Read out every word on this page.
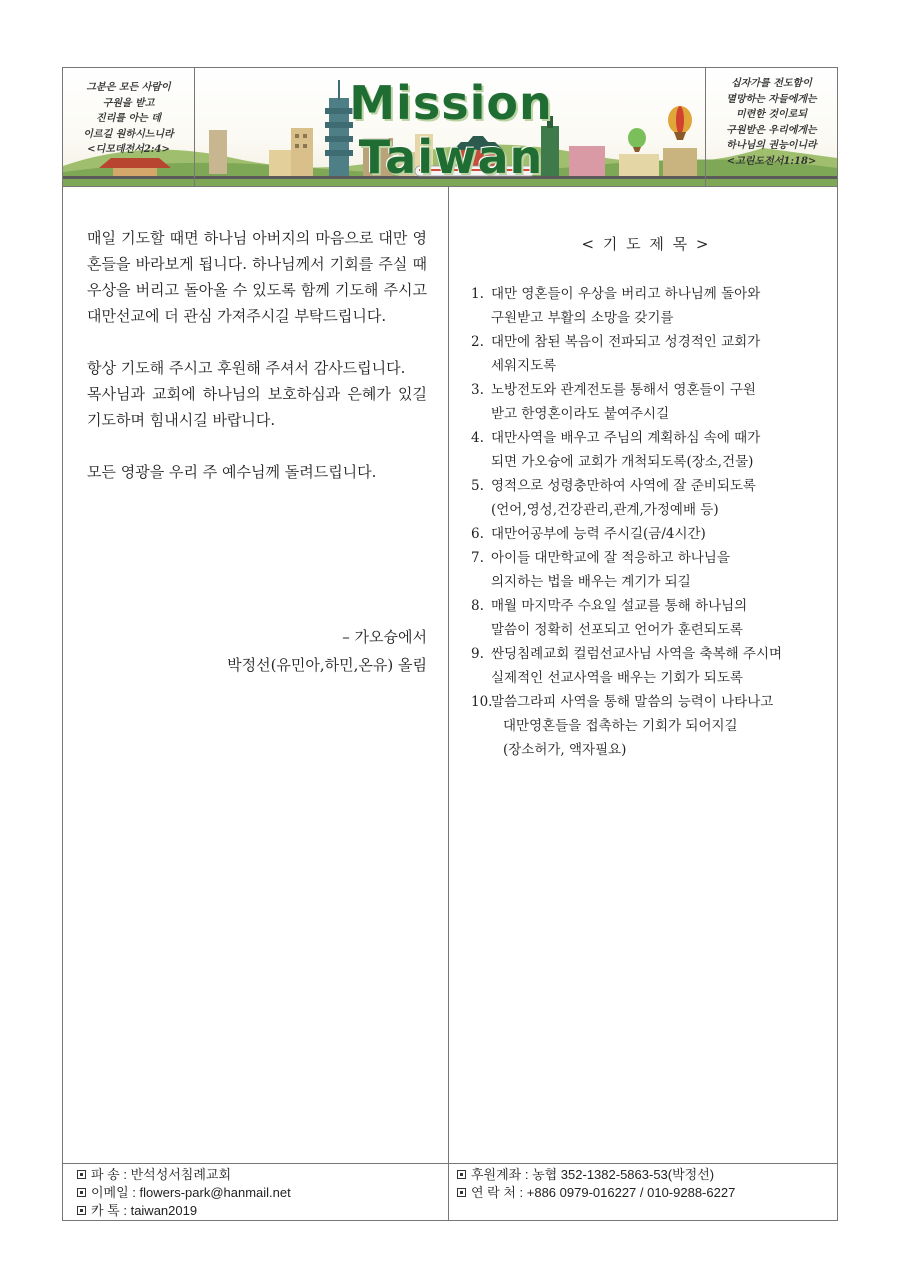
그분은 모든 사람이
구원을 받고
진리를 아는 데
이르길 원하시느니라
<디모데전서2:4>
Mission Taiwan
십자가를 전도함이
멸망하는 자들에게는
미련한 것이로되
구원받은 우리에게는
하나님의 권능이니라
<고린도전서1:18>

매일 기도할 때면 하나님 아버지의 마음으로 대만 영혼들을 바라보게 됩니다. 하나님께서 기회를 주실 때 우상을 버리고 돌아올 수 있도록 함께 기도해 주시고 대만선교에 더 관심 가져주시길 부탁드립니다.

항상 기도해 주시고 후원해 주셔서 감사드립니다.

목사님과 교회에 하나님의 보호하심과 은혜가 있길 기도하며 힘내시길 바랍니다.

모든 영광을 우리 주 예수님께 돌려드립니다.

– 가오슝에서
박정선(유민아,하민,온유) 올림
< 기 도 제 목 >
1. 대만 영혼들이 우상을 버리고 하나님께 돌아와
구원받고 부활의 소망을 갖기를
2. 대만에 참된 복음이 전파되고 성경적인 교회가
세워지도록
3. 노방전도와 관계전도를 통해서 영혼들이 구원
받고 한영혼이라도 붙여주시길
4. 대만사역을 배우고 주님의 계획하심 속에 때가
되면 가오슝에 교회가 개척되도록(장소,건물)
5. 영적으로 성령충만하여 사역에 잘 준비되도록
(언어,영성,건강관리,관계,가정예배 등)
6. 대만어공부에 능력 주시길(금/4시간)
7. 아이들 대만학교에 잘 적응하고 하나님을
의지하는 법을 배우는 계기가 되길
8. 매월 마지막주 수요일 설교를 통해 하나님의
말씀이 정확히 선포되고 언어가 훈련되도록
9. 싼딩침례교회 컬럼선교사님 사역을 축복해 주시며
실제적인 선교사역을 배우는 기회가 되도록
10.
말씀그라피 사역을 통해 말씀의 능력이 나타나고
대만영혼들을 접촉하는 기회가 되어지길
(장소허가, 액자필요)
파 송 : 반석성서침례교회
이메일 : flowers-park@hanmail.net
카 톡 : taiwan2019
후원계좌 : 농협 352-1382-5863-53(박정선)
연 락 처 : +886 0979-016227 / 010-9288-6227
